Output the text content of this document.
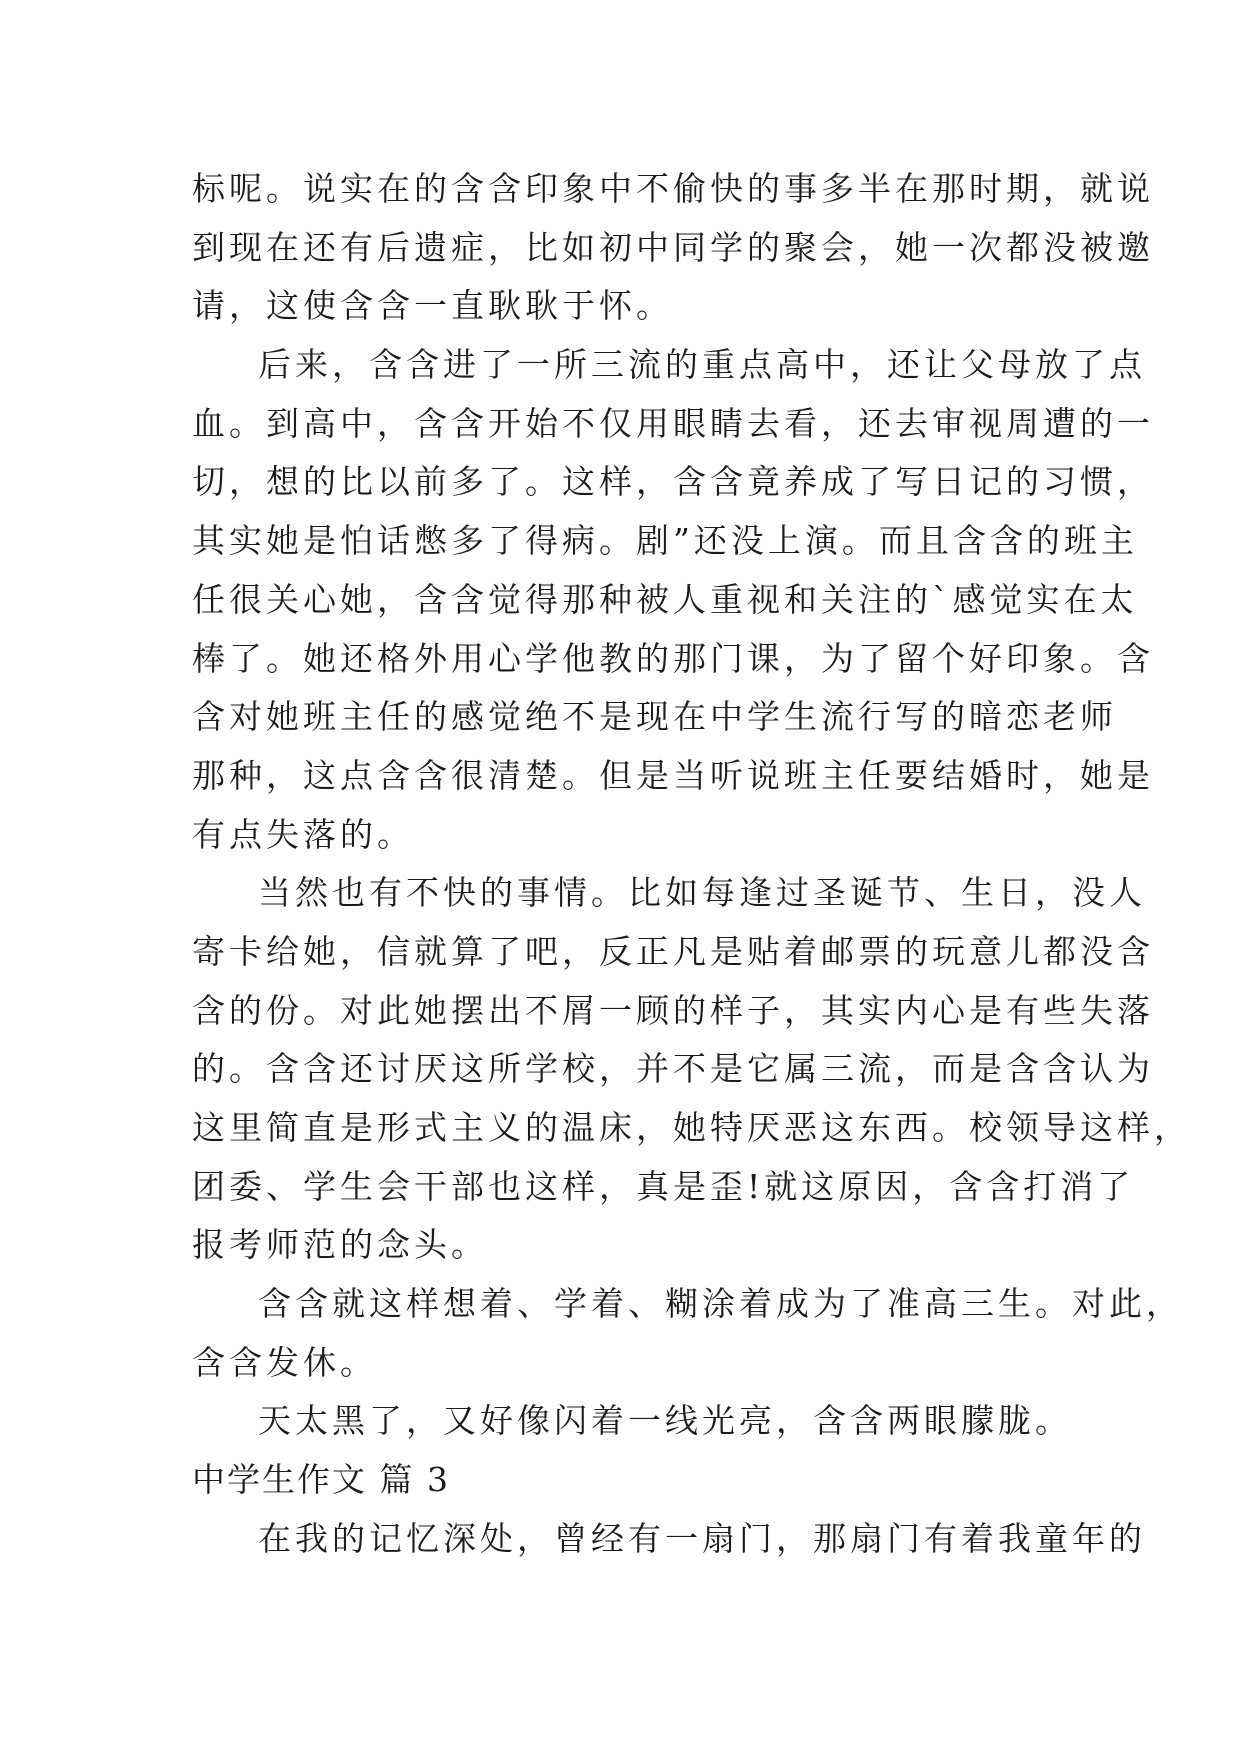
标呢。说实在的含含印象中不偷快的事多半在那时期，就说
到现在还有后遗症，比如初中同学的聚会，她一次都没被邀
请，这使含含一直耿耿于怀。
后来，含含进了一所三流的重点高中，还让父母放了点
血。到高中，含含开始不仅用眼睛去看，还去审视周遭的一
切，想的比以前多了。这样，含含竟养成了写日记的习惯，
其实她是怕话憋多了得病。剧”还没上演。而且含含的班主
任很关心她，含含觉得那种被人重视和关注的`感觉实在太
棒了。她还格外用心学他教的那门课，为了留个好印象。含
含对她班主任的感觉绝不是现在中学生流行写的暗恋老师
那种，这点含含很清楚。但是当听说班主任要结婚时，她是
有点失落的。
当然也有不快的事情。比如每逢过圣诞节、生日，没人
寄卡给她，信就算了吧，反正凡是贴着邮票的玩意儿都没含
含的份。对此她摆出不屑一顾的样子，其实内心是有些失落
的。含含还讨厌这所学校，并不是它属三流，而是含含认为
这里简直是形式主义的温床，她特厌恶这东西。校领导这样，
团委、学生会干部也这样，真是歪!就这原因，含含打消了
报考师范的念头。
含含就这样想着、学着、糊涂着成为了准高三生。对此，
含含发休。
天太黑了，又好像闪着一线光亮，含含两眼朦胧。
中学生作文 篇 3
在我的记忆深处，曾经有一扇门，那扇门有着我童年的
